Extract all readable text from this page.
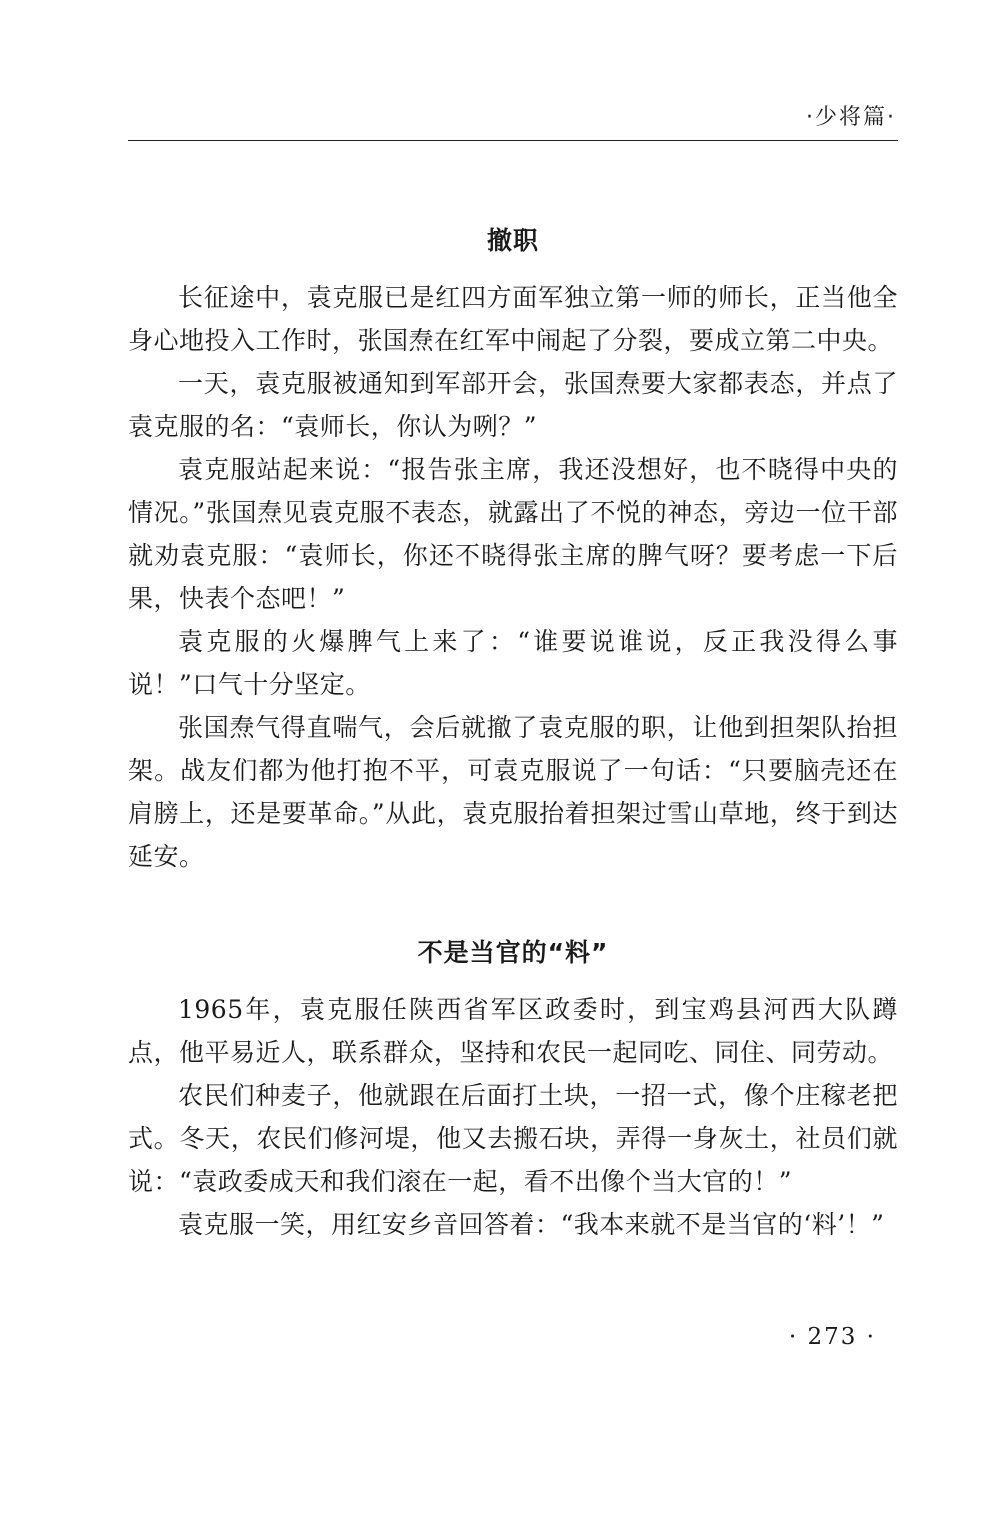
·少将篇·
撤职

长征途中，袁克服已是红四方面军独立第一师的师长，正当他全身心地投入工作时，张国焘在红军中闹起了分裂，要成立第二中央。

一天，袁克服被通知到军部开会，张国焘要大家都表态，并点了袁克服的名：“袁师长，你认为咧？”

袁克服站起来说：“报告张主席，我还没想好，也不晓得中央的情况。”张国焘见袁克服不表态，就露出了不悦的神态，旁边一位干部就劝袁克服：“袁师长，你还不晓得张主席的脾气呀？要考虑一下后果，快表个态吧！”

袁克服的火爆脾气上来了：“谁要说谁说，反正我没得么事说！”口气十分坚定。

张国焘气得直喘气，会后就撤了袁克服的职，让他到担架队抬担架。战友们都为他打抱不平，可袁克服说了一句话：“只要脑壳还在肩膀上，还是要革命。”从此，袁克服抬着担架过雪山草地，终于到达延安。

不是当官的“料”

1965年，袁克服任陕西省军区政委时，到宝鸡县河西大队蹲点，他平易近人，联系群众，坚持和农民一起同吃、同住、同劳动。

农民们种麦子，他就跟在后面打土块，一招一式，像个庄稼老把式。冬天，农民们修河堤，他又去搬石块，弄得一身灰土，社员们就说：“袁政委成天和我们滚在一起，看不出像个当大官的！”

袁克服一笑，用红安乡音回答着：“我本来就不是当官的‘料’！”

· 273 ·
